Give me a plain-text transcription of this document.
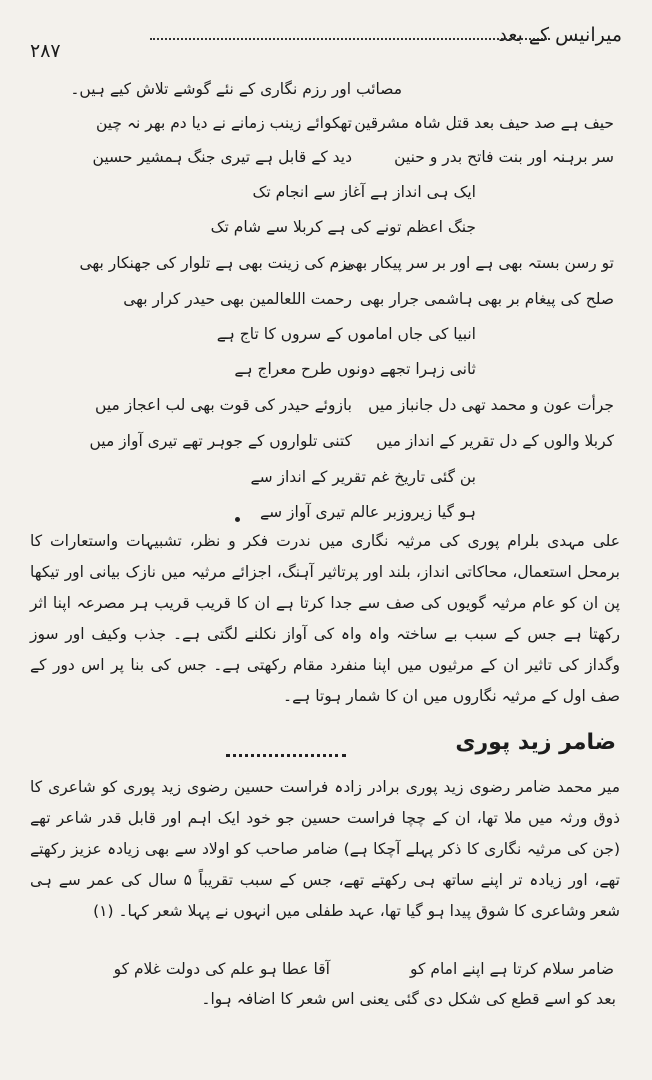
میرانیس کے بعد
۲۸۷
مصائب اور رزم نگاری کے نئے گوشے تلاش کیے ہیں۔
حیف ہے صد حیف بعد قتل شاہ مشرقین
تھکوائے زینب زمانے نے دیا دم بھر نہ چین
سر برہنہ اور بنت فاتح بدر و حنین
دید کے قابل ہے تیری جنگ ہمشیر حسین
ایک ہی انداز ہے آغاز سے انجام تک
جنگ اعظم تونے کی ہے کربلا سے شام تک
تو رسن بستہ بھی ہے اور بر سر پیکار بھی
بزم کی زینت بھی ہے تلوار کی جھنکار بھی
صلح کی پیغام بر بھی ہاشمی جرار بھی
رحمت اللعالمین بھی حیدر کرار بھی
انبیا کی جاں اماموں کے سروں کا تاج ہے
ثانی زہرا تجھے دونوں طرح معراج ہے
جرأت عون و محمد تھی دل جانباز میں
بازوئے حیدر کی قوت بھی لب اعجاز میں
کربلا والوں کے دل تقریر کے انداز میں
کتنی تلواروں کے جوہر تھے تیری آواز میں
بن گئی تاریخ غم تقریر کے انداز سے
ہو گیا زیروزبر عالم تیری آواز سے

علی مہدی بلرام پوری کی مرثیہ نگاری میں ندرت فکر و نظر، تشبیہات واستعارات کا برمحل استعمال، محاکاتی انداز، بلند اور پرتاثیر آہنگ، اجزائے مرثیہ میں نازک بیانی اور تیکھا پن ان کو عام مرثیہ گویوں کی صف سے جدا کرتا ہے ان کا قریب قریب ہر مصرعہ اپنا اثر رکھتا ہے جس کے سبب بے ساختہ واہ واہ کی آواز نکلنے لگتی ہے۔ جذب وکیف اور سوز وگداز کی تاثیر ان کے مرثیوں میں اپنا منفرد مقام رکھتی ہے۔ جس کی بنا پر اس دور کے صف اول کے مرثیہ نگاروں میں ان کا شمار ہوتا ہے۔

ضامر زید پوری

میر محمد ضامر رضوی زید پوری برادر زادہ فراست حسین رضوی زید پوری کو شاعری کا ذوق ورثہ میں ملا تھا، ان کے چچا فراست حسین جو خود ایک اہم اور قابل قدر شاعر تھے (جن کی مرثیہ نگاری کا ذکر پہلے آچکا ہے) ضامر صاحب کو اولاد سے بھی زیادہ عزیز رکھتے تھے، اور زیادہ تر اپنے ساتھ ہی رکھتے تھے، جس کے سبب تقریباً ۵ سال کی عمر سے ہی شعر وشاعری کا شوق پیدا ہو گیا تھا، عہد طفلی میں انہوں نے پہلا شعر کہا۔ (۱)

ضامر سلام کرتا ہے اپنے امام کو
آقا عطا ہو علم کی دولت غلام کو
بعد کو اسے قطع کی شکل دی گئی یعنی اس شعر کا اضافہ ہوا۔
